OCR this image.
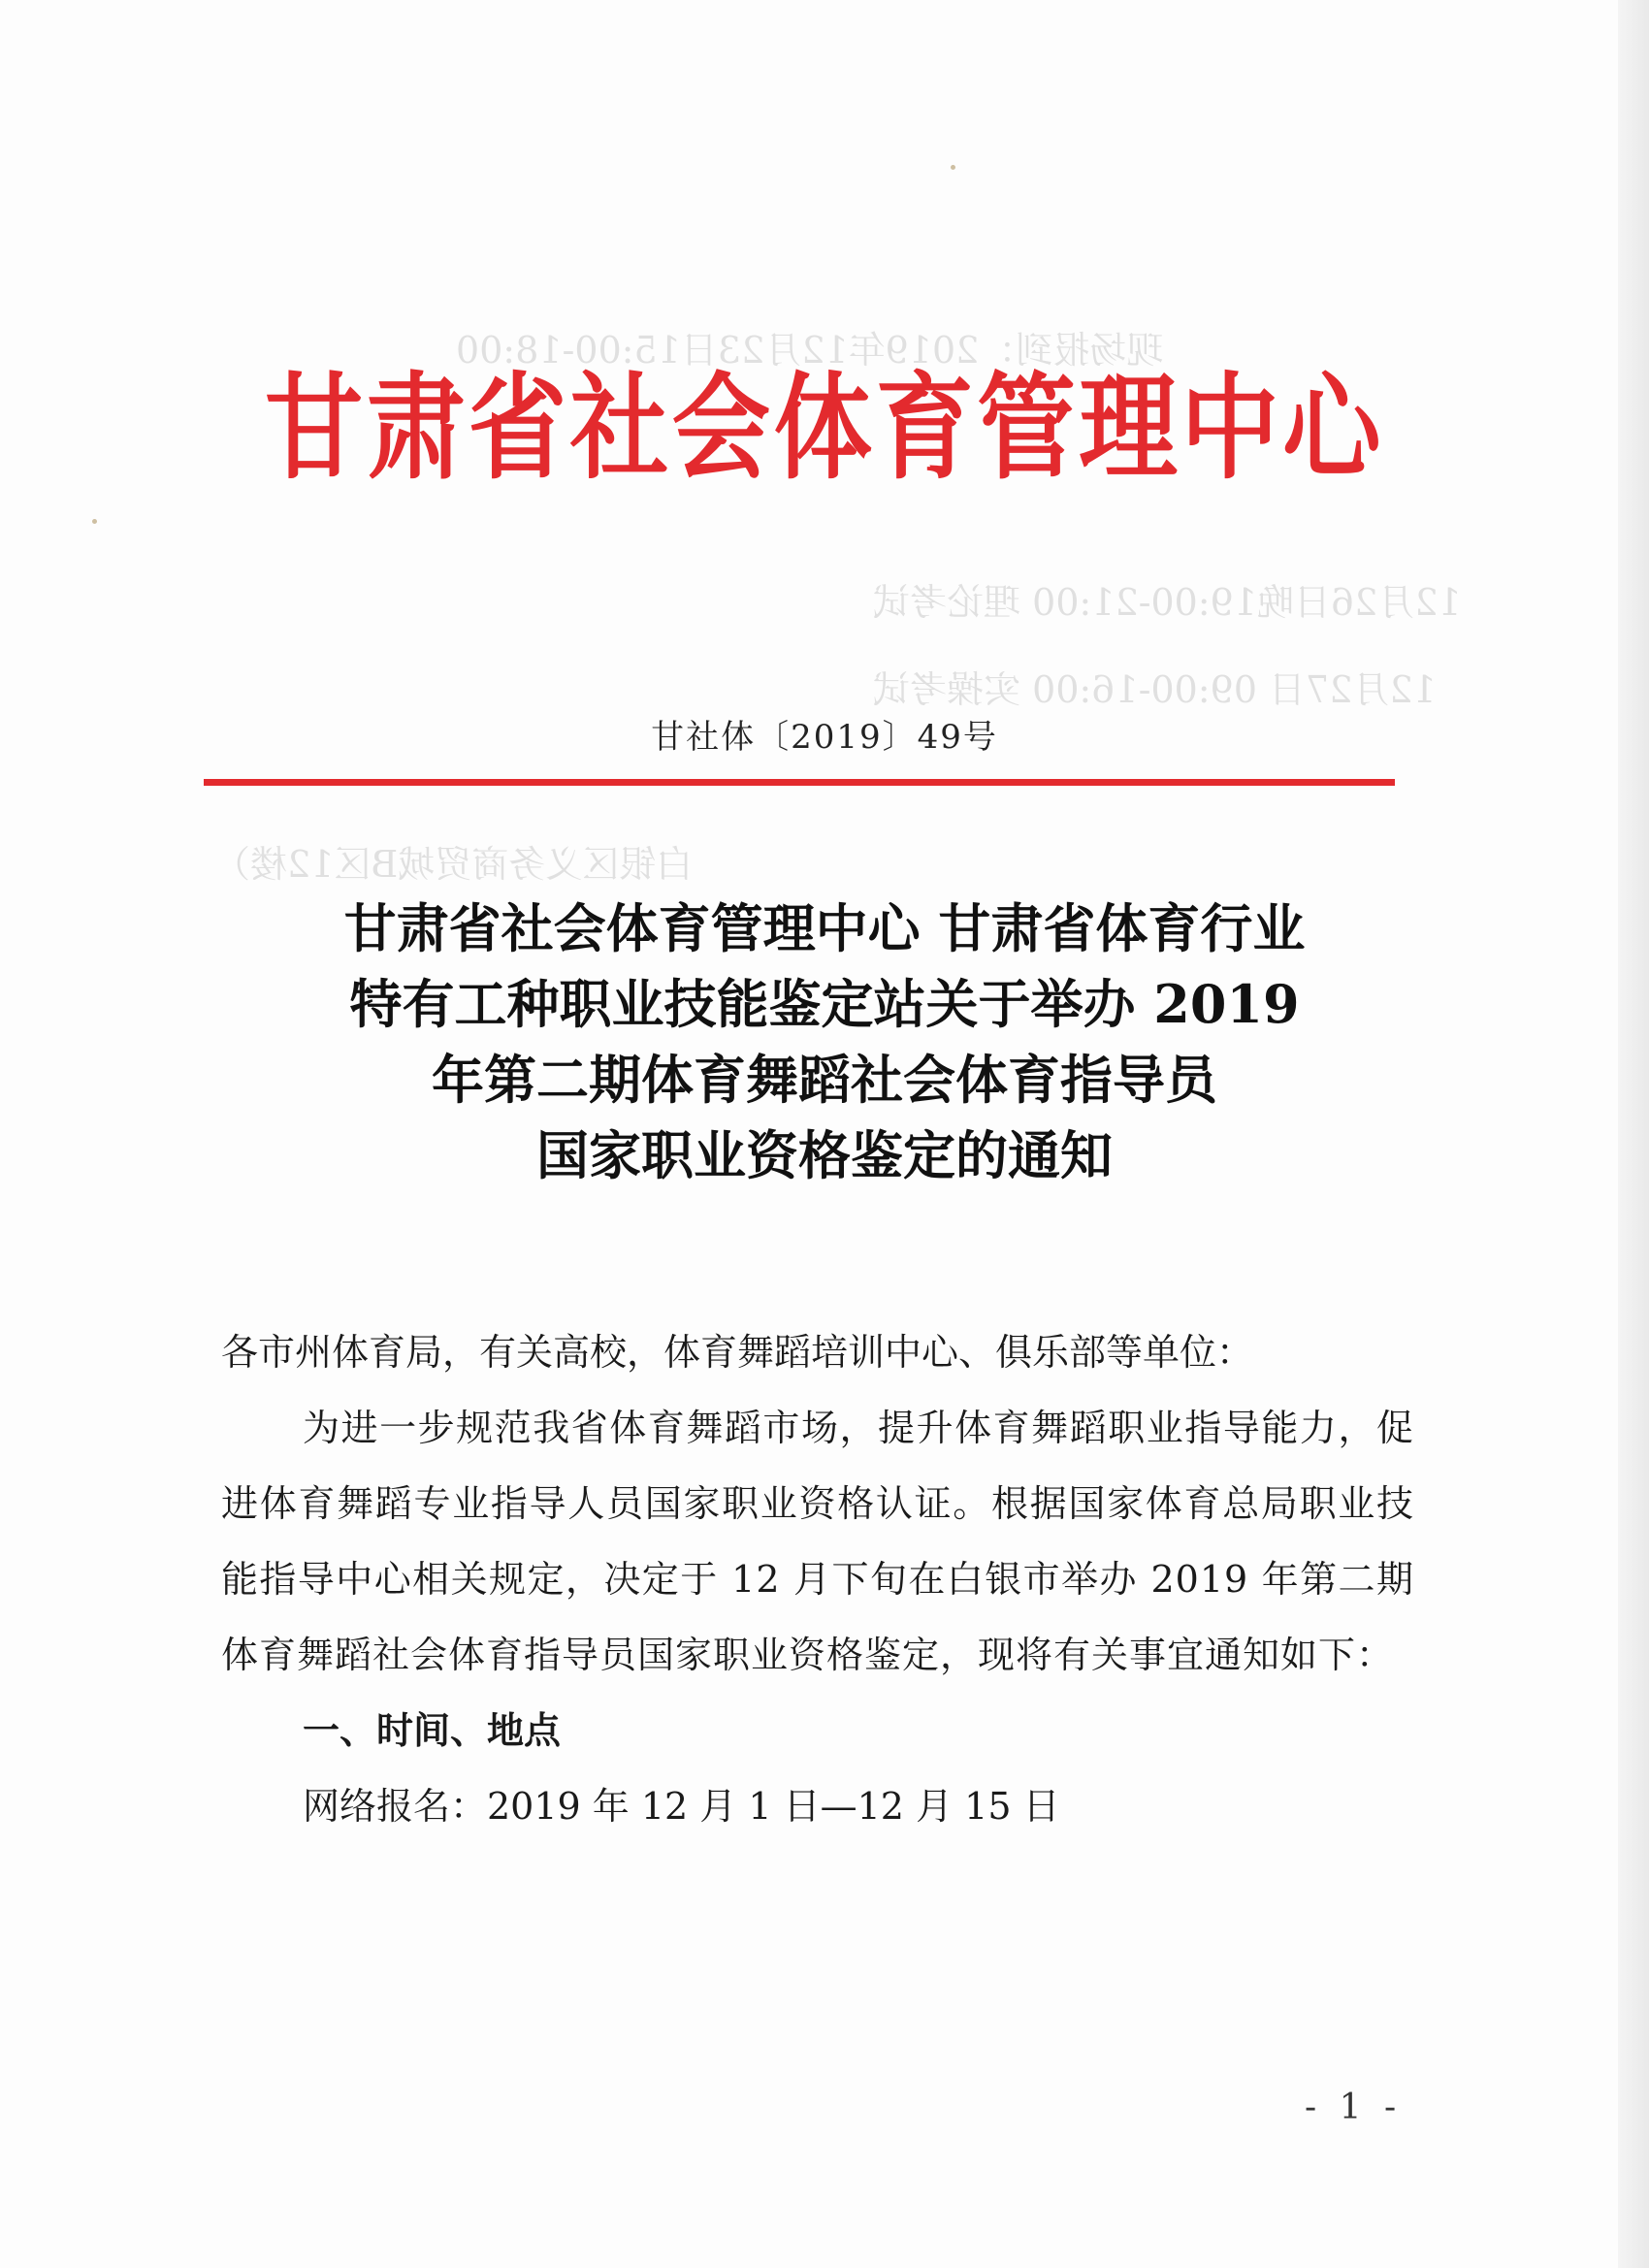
现场报到：2019年12月23日15:00-18:00
12月26日晚19:00-21:00 理论考试
12月27日 09:00-16:00 实操考试
白银区义务商贸城B区12楼）
甘肃省社会体育管理中心
甘社体〔2019〕49号
甘肃省社会体育管理中心 甘肃省体育行业
特有工种职业技能鉴定站关于举办 2019
年第二期体育舞蹈社会体育指导员
国家职业资格鉴定的通知

各市州体育局，有关高校，体育舞蹈培训中心、俱乐部等单位：

为进一步规范我省体育舞蹈市场，提升体育舞蹈职业指导能力，促进体育舞蹈专业指导人员国家职业资格认证。根据国家体育总局职业技能指导中心相关规定，决定于 12 月下旬在白银市举办 2019 年第二期体育舞蹈社会体育指导员国家职业资格鉴定，现将有关事宜通知如下：

一、时间、地点

网络报名：2019 年 12 月 1 日—12 月 15 日

- 1 -
